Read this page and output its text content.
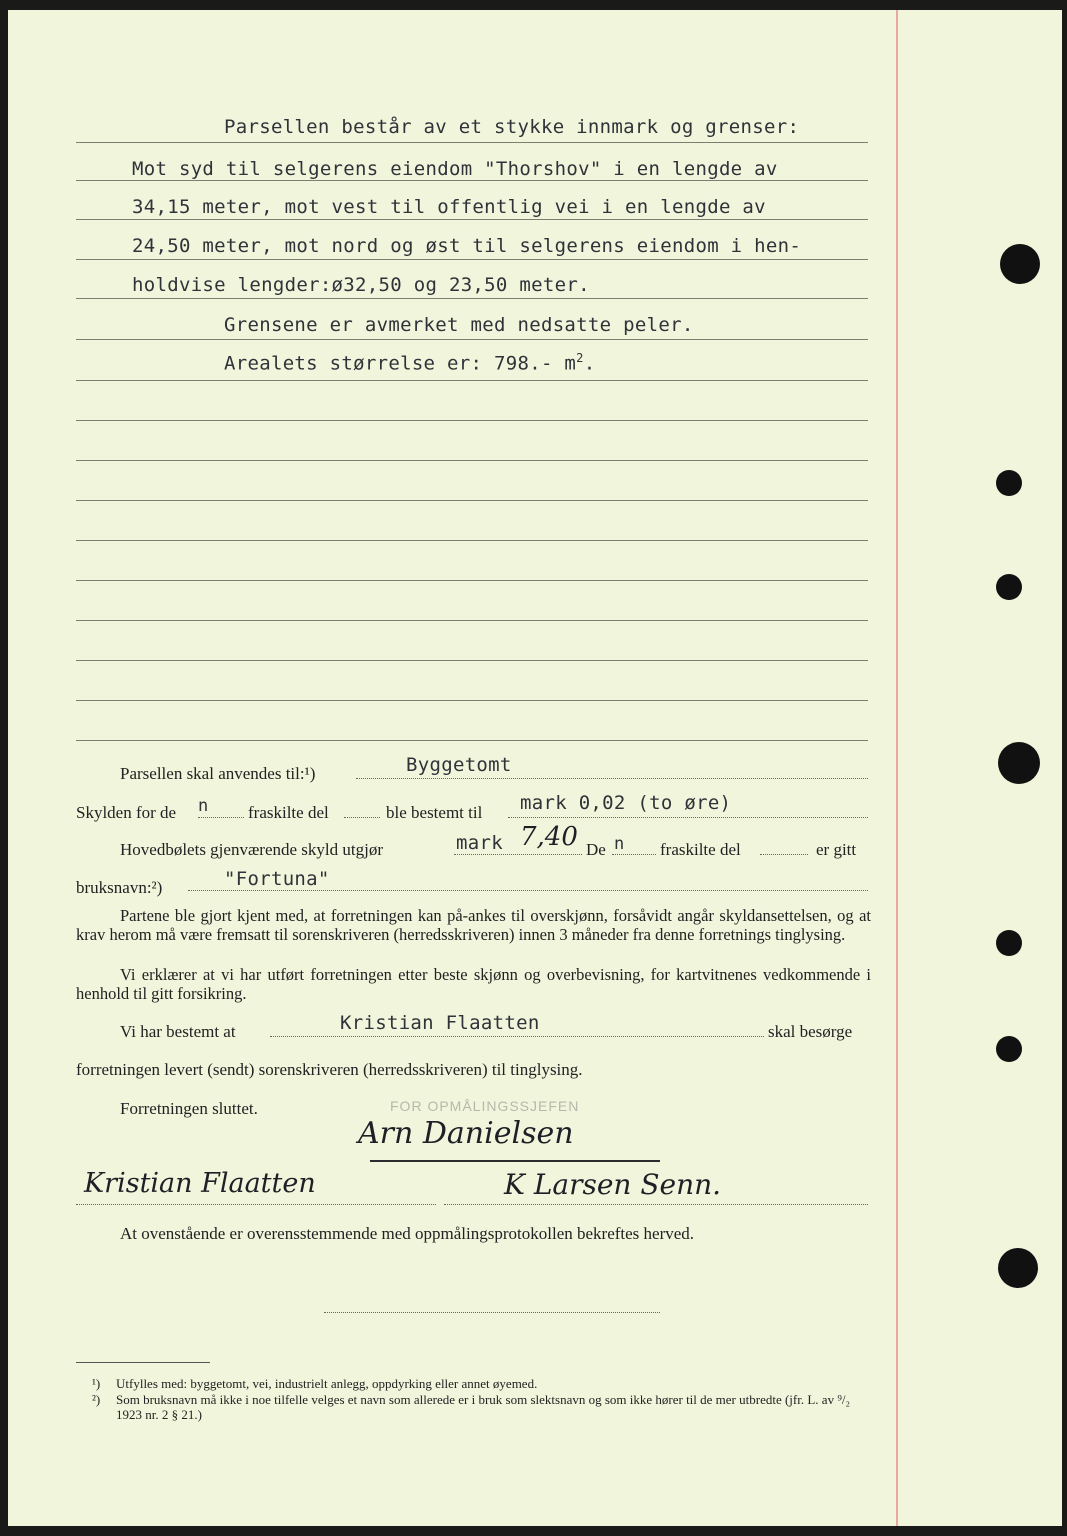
Parsellen består av et stykke innmark og grenser:
Mot syd til selgerens eiendom "Thorshov" i en lengde av
34,15 meter, mot vest til offentlig vei i en lengde av
24,50 meter, mot nord og øst til selgerens eiendom i hen-
holdvise lengder:ø32,50 og 23,50 meter.
Grensene er avmerket med nedsatte peler.
Arealets størrelse er: 798.- $m^2$.
Parsellen skal anvendes til:¹)	Byggetomt
Skylden for de n fraskilte del	ble bestemt til mark 0,02 (to øre)
Hovedbølets gjenværende skyld utgjør	mark 7,40 De n fraskilte del	er gitt
bruksnavn:²)	"Fortuna"
Partene ble gjort kjent med, at forretningen kan på-ankes til overskjønn, forsåvidt angår skyldansettelsen, og at krav herom må være fremsatt til sorenskriveren (herredsskriveren) innen 3 måneder fra denne forretnings tinglysing.
Vi erklærer at vi har utført forretningen etter beste skjønn og overbevisning, for kartvitnenes vedkommende i henhold til gitt forsikring.
Vi har bestemt at	Kristian Flaatten	skal besørge
forretningen levert (sendt) sorenskriveren (herredsskriveren) til tinglysing.
Forretningen sluttet.	FOR OPMÅLINGSSJEFEN
Arn Danielsen
Kristian Flaatten	K Larsen Senn.
At ovenstående er overensstemmende med oppmålingsprotokollen bekreftes herved.
¹) Utfylles med: byggetomt, vei, industrielt anlegg, oppdyrking eller annet øyemed.
²) Som bruksnavn må ikke i noe tilfelle velges et navn som allerede er i bruk som slektsnavn og som ikke hører til de mer utbredte (jfr. L. av ⁹/₂ 1923 nr. 2 § 21.)
